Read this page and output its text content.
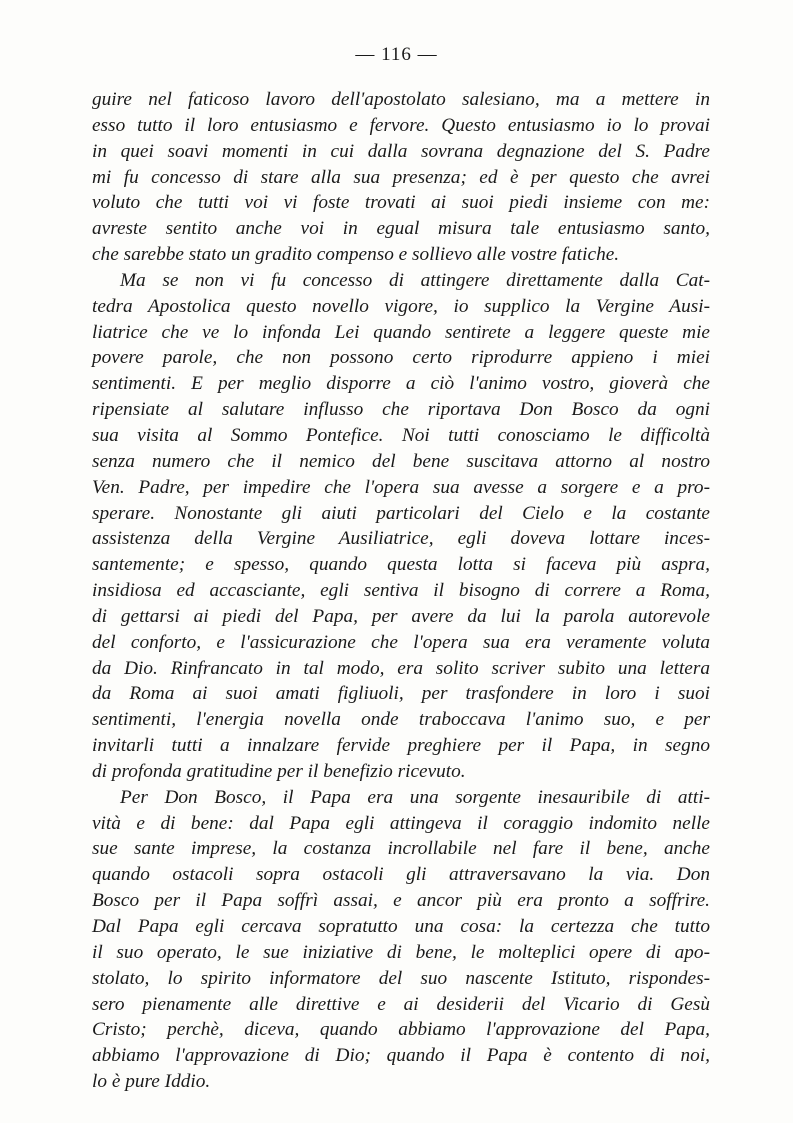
— 116 —
guire nel faticoso lavoro dell'apostolato salesiano, ma a mettere in
esso tutto il loro entusiasmo e fervore. Questo entusiasmo io lo provai
in quei soavi momenti in cui dalla sovrana degnazione del S. Padre
mi fu concesso di stare alla sua presenza; ed è per questo che avrei
voluto che tutti voi vi foste trovati ai suoi piedi insieme con me:
avreste sentito anche voi in egual misura tale entusiasmo santo,
che sarebbe stato un gradito compenso e sollievo alle vostre fatiche.
Ma se non vi fu concesso di attingere direttamente dalla Cat-
tedra Apostolica questo novello vigore, io supplico la Vergine Ausi-
liatrice che ve lo infonda Lei quando sentirete a leggere queste mie
povere parole, che non possono certo riprodurre appieno i miei
sentimenti. E per meglio disporre a ciò l'animo vostro, gioverà che
ripensiate al salutare influsso che riportava Don Bosco da ogni
sua visita al Sommo Pontefice. Noi tutti conosciamo le difficoltà
senza numero che il nemico del bene suscitava attorno al nostro
Ven. Padre, per impedire che l'opera sua avesse a sorgere e a pro-
sperare. Nonostante gli aiuti particolari del Cielo e la costante
assistenza della Vergine Ausiliatrice, egli doveva lottare inces-
santemente; e spesso, quando questa lotta si faceva più aspra,
insidiosa ed accasciante, egli sentiva il bisogno di correre a Roma,
di gettarsi ai piedi del Papa, per avere da lui la parola autorevole
del conforto, e l'assicurazione che l'opera sua era veramente voluta
da Dio. Rinfrancato in tal modo, era solito scriver subito una lettera
da Roma ai suoi amati figliuoli, per trasfondere in loro i suoi
sentimenti, l'energia novella onde traboccava l'animo suo, e per
invitarli tutti a innalzare fervide preghiere per il Papa, in segno
di profonda gratitudine per il benefizio ricevuto.
Per Don Bosco, il Papa era una sorgente inesauribile di atti-
vità e di bene: dal Papa egli attingeva il coraggio indomito nelle
sue sante imprese, la costanza incrollabile nel fare il bene, anche
quando ostacoli sopra ostacoli gli attraversavano la via. Don
Bosco per il Papa soffrì assai, e ancor più era pronto a soffrire.
Dal Papa egli cercava sopratutto una cosa: la certezza che tutto
il suo operato, le sue iniziative di bene, le molteplici opere di apo-
stolato, lo spirito informatore del suo nascente Istituto, rispondes-
sero pienamente alle direttive e ai desiderii del Vicario di Gesù
Cristo; perchè, diceva, quando abbiamo l'approvazione del Papa,
abbiamo l'approvazione di Dio; quando il Papa è contento di noi,
lo è pure Iddio.
